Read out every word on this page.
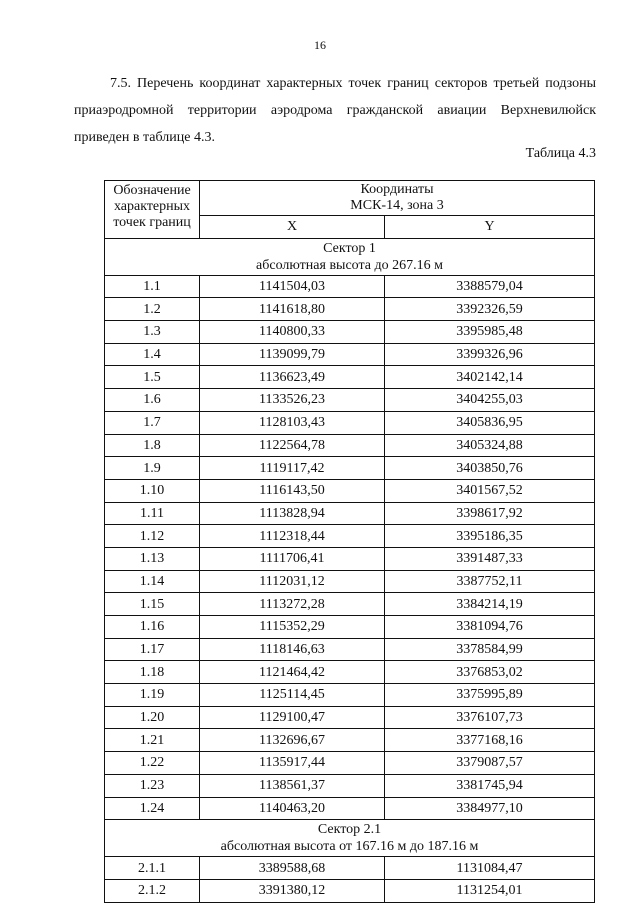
16

7.5. Перечень координат характерных точек границ секторов третьей подзоны приаэродромной территории аэродрома гражданской авиации Верхневилюйск приведен в таблице 4.3.

Таблица 4.3
Обозначение характерных точек границ	Координаты
МСК-14, зона 3	

	X	Y

Сектор 1
абсолютная высота до 267.16 м		

1.1	1141504,03	3388579,04
1.2	1141618,80	3392326,59
1.3	1140800,33	3395985,48
1.4	1139099,79	3399326,96
1.5	1136623,49	3402142,14
1.6	1133526,23	3404255,03
1.7	1128103,43	3405836,95
1.8	1122564,78	3405324,88
1.9	1119117,42	3403850,76
1.10	1116143,50	3401567,52
1.11	1113828,94	3398617,92
1.12	1112318,44	3395186,35
1.13	1111706,41	3391487,33
1.14	1112031,12	3387752,11
1.15	1113272,28	3384214,19
1.16	1115352,29	3381094,76
1.17	1118146,63	3378584,99
1.18	1121464,42	3376853,02
1.19	1125114,45	3375995,89
1.20	1129100,47	3376107,73
1.21	1132696,67	3377168,16
1.22	1135917,44	3379087,57
1.23	1138561,37	3381745,94
1.24	1140463,20	3384977,10

Сектор 2.1
абсолютная высота от 167.16 м до 187.16 м		

2.1.1	3389588,68	1131084,47
2.1.2	3391380,12	1131254,01
